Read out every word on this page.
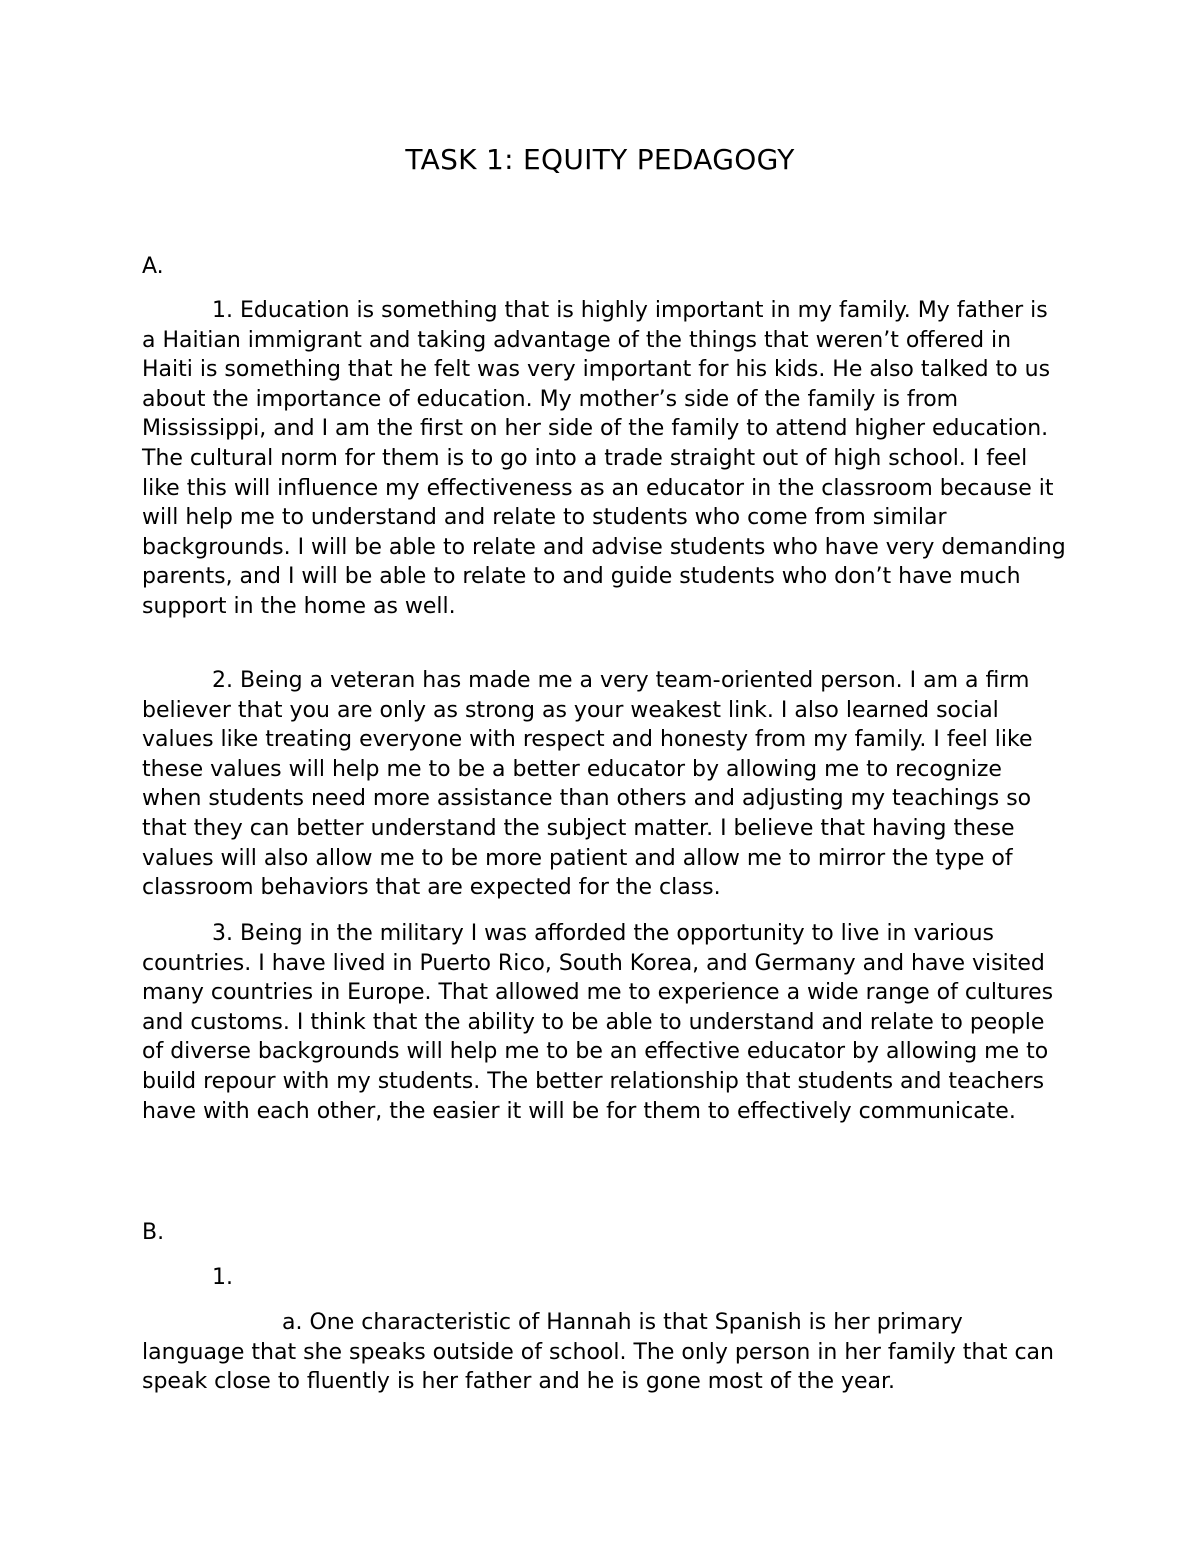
TASK 1: EQUITY PEDAGOGY
A.

1. Education is something that is highly important in my family. My father is a Haitian immigrant and taking advantage of the things that weren’t offered in Haiti is something that he felt was very important for his kids. He also talked to us about the importance of education. My mother’s side of the family is from Mississippi, and I am the first on her side of the family to attend higher education. The cultural norm for them is to go into a trade straight out of high school. I feel like this will influence my effectiveness as an educator in the classroom because it will help me to understand and relate to students who come from similar backgrounds. I will be able to relate and advise students who have very demanding parents, and I will be able to relate to and guide students who don’t have much support in the home as well.

2. Being a veteran has made me a very team-oriented person. I am a firm believer that you are only as strong as your weakest link. I also learned social values like treating everyone with respect and honesty from my family. I feel like these values will help me to be a better educator by allowing me to recognize when students need more assistance than others and adjusting my teachings so that they can better understand the subject matter. I believe that having these values will also allow me to be more patient and allow me to mirror the type of classroom behaviors that are expected for the class.

3. Being in the military I was afforded the opportunity to live in various countries. I have lived in Puerto Rico, South Korea, and Germany and have visited many countries in Europe. That allowed me to experience a wide range of cultures and customs. I think that the ability to be able to understand and relate to people of diverse backgrounds will help me to be an effective educator by allowing me to build repour with my students. The better relationship that students and teachers have with each other, the easier it will be for them to effectively communicate.

B.
1.

a. One characteristic of Hannah is that Spanish is her primary language that she speaks outside of school. The only person in her family that can speak close to fluently is her father and he is gone most of the year.
